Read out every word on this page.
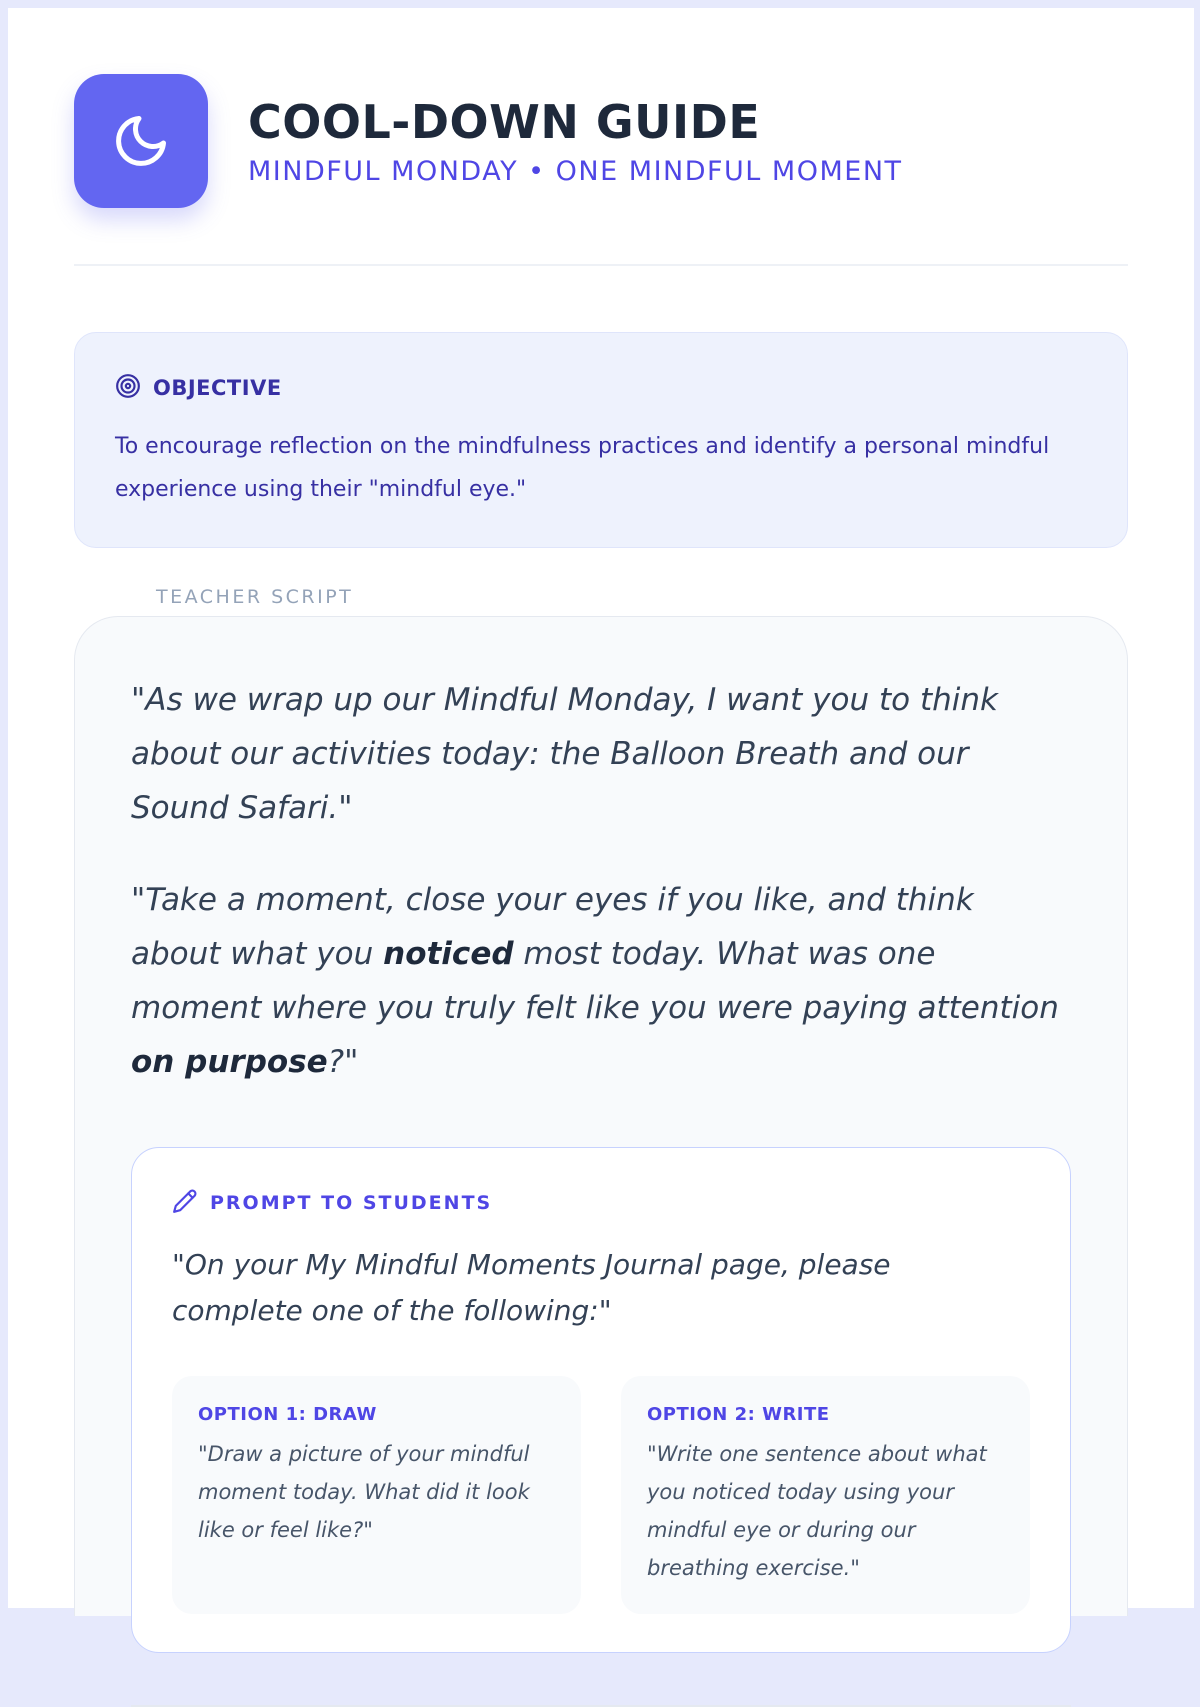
COOL-DOWN GUIDE
MINDFUL MONDAY • ONE MINDFUL MOMENT
OBJECTIVE
To encourage reflection on the mindfulness practices and identify a personal mindful experience using their "mindful eye."
TEACHER SCRIPT

"As we wrap up our Mindful Monday, I want you to think about our activities today: the Balloon Breath and our Sound Safari."

"Take a moment, close your eyes if you like, and think about what you noticed most today. What was one moment where you truly felt like you were paying attention on purpose?"

PROMPT TO STUDENTS
"On your My Mindful Moments Journal page, please complete one of the following:"
OPTION 1: DRAW
"Draw a picture of your mindful moment today. What did it look like or feel like?"
OPTION 2: WRITE
"Write one sentence about what you noticed today using your mindful eye or during our breathing exercise."
